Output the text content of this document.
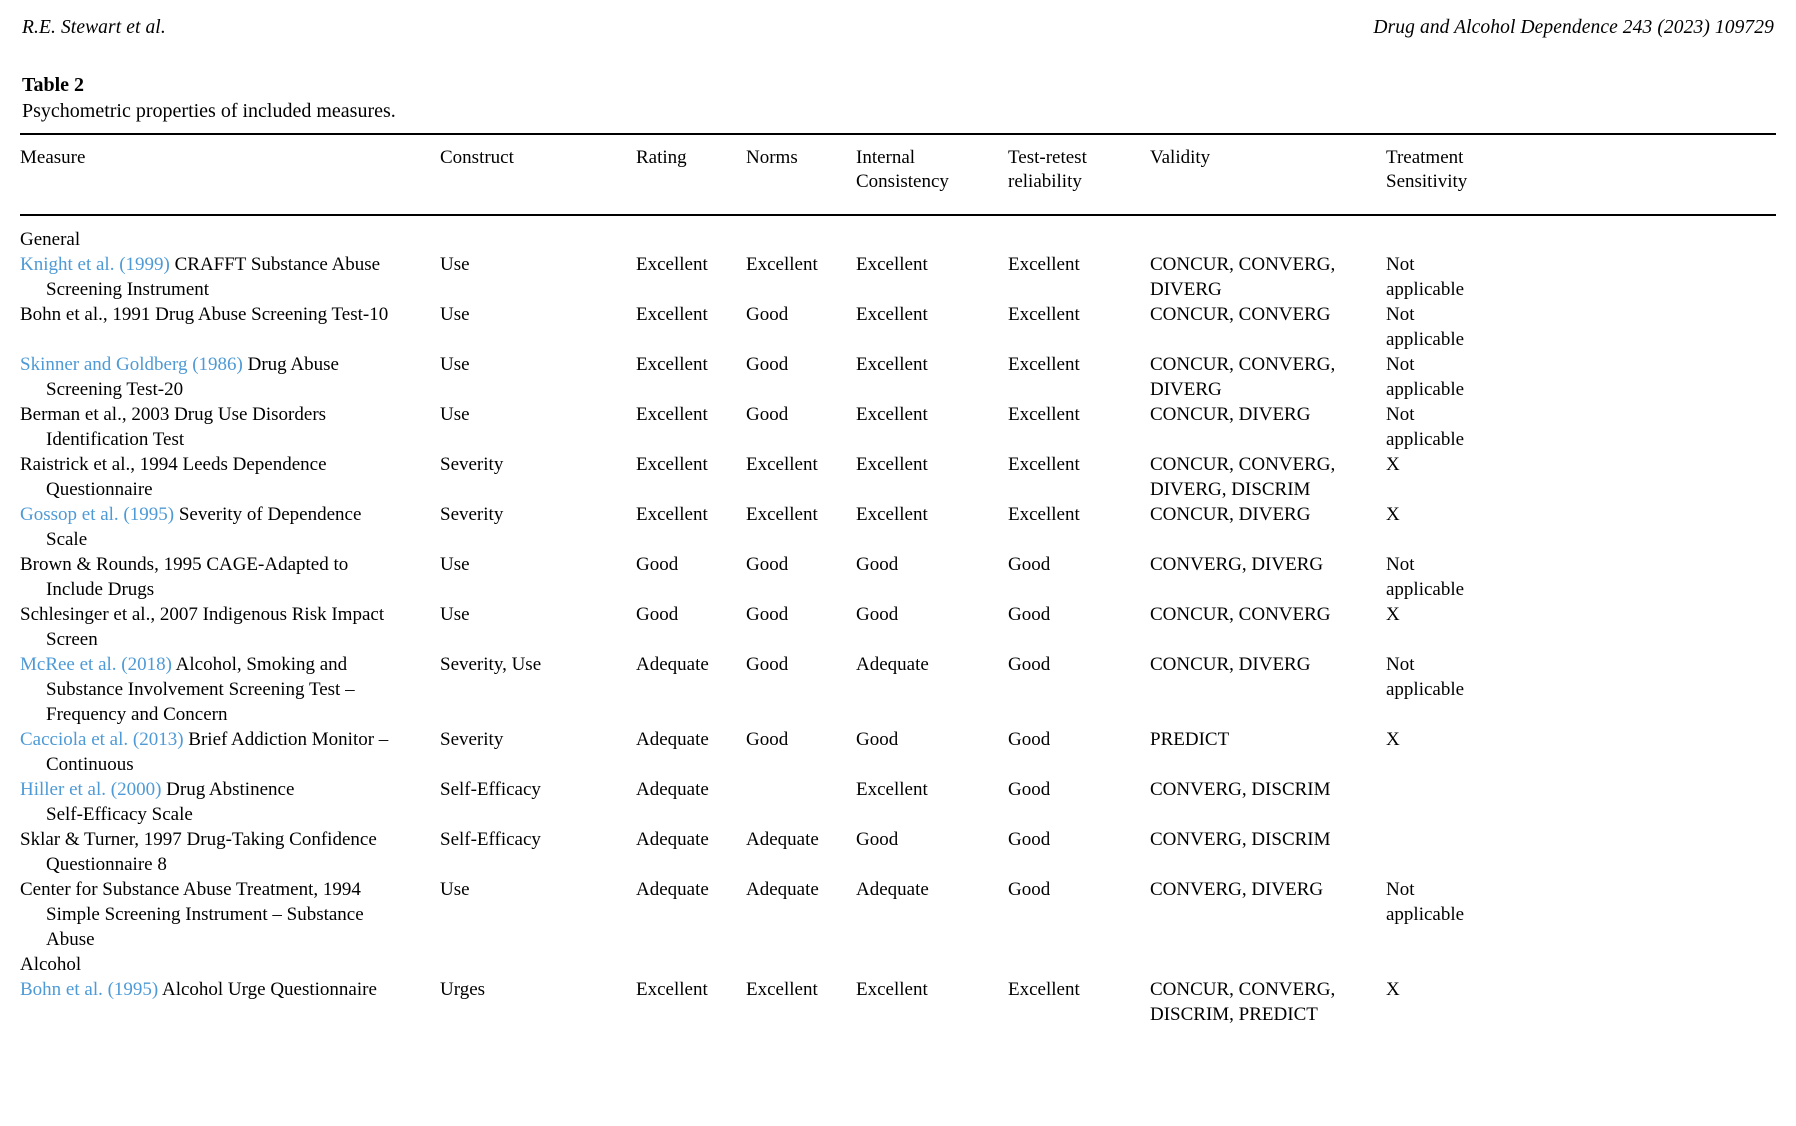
R.E. Stewart et al.	Drug and Alcohol Dependence 243 (2023) 109729
Table 2
Psychometric properties of included measures.
Measure	Construct	Rating	Norms	Internal
Consistency	Test-retest
reliability	Validity	Treatment
Sensitivity

General							

Knight et al. (1999) CRAFFT Substance Abuse
Screening Instrument	Use	Excellent	Excellent	Excellent	Excellent	CONCUR, CONVERG,
DIVERG	Not
applicable

Bohn et al., 1991 Drug Abuse Screening Test-10	Use	Excellent	Good	Excellent	Excellent	CONCUR, CONVERG	Not
applicable

Skinner and Goldberg (1986) Drug Abuse
Screening Test-20	Use	Excellent	Good	Excellent	Excellent	CONCUR, CONVERG,
DIVERG	Not
applicable

Berman et al., 2003 Drug Use Disorders
Identification Test	Use	Excellent	Good	Excellent	Excellent	CONCUR, DIVERG	Not
applicable

Raistrick et al., 1994 Leeds Dependence
Questionnaire	Severity	Excellent	Excellent	Excellent	Excellent	CONCUR, CONVERG,
DIVERG, DISCRIM	X

Gossop et al. (1995) Severity of Dependence
Scale	Severity	Excellent	Excellent	Excellent	Excellent	CONCUR, DIVERG	X

Brown & Rounds, 1995 CAGE-Adapted to
Include Drugs	Use	Good	Good	Good	Good	CONVERG, DIVERG	Not
applicable

Schlesinger et al., 2007 Indigenous Risk Impact
Screen	Use	Good	Good	Good	Good	CONCUR, CONVERG	X

McRee et al. (2018) Alcohol, Smoking and
Substance Involvement Screening Test –
Frequency and Concern	Severity, Use	Adequate	Good	Adequate	Good	CONCUR, DIVERG	Not
applicable

Cacciola et al. (2013) Brief Addiction Monitor –
Continuous	Severity	Adequate	Good	Good	Good	PREDICT	X

Hiller et al. (2000) Drug Abstinence
Self-Efficacy Scale	Self-Efficacy	Adequate		Excellent	Good	CONVERG, DISCRIM	

Sklar & Turner, 1997 Drug-Taking Confidence
Questionnaire 8	Self-Efficacy	Adequate	Adequate	Good	Good	CONVERG, DISCRIM	

Center for Substance Abuse Treatment, 1994
Simple Screening Instrument – Substance
Abuse	Use	Adequate	Adequate	Adequate	Good	CONVERG, DIVERG	Not
applicable

Alcohol							

Bohn et al. (1995) Alcohol Urge Questionnaire	Urges	Excellent	Excellent	Excellent	Excellent	CONCUR, CONVERG,
DISCRIM, PREDICT	X
